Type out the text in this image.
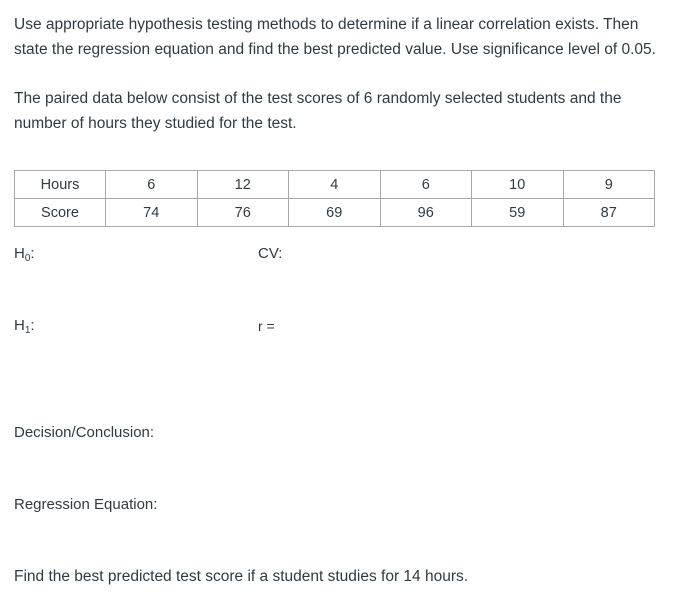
Use appropriate hypothesis testing methods to determine if a linear correlation exists. Then state the regression equation and find the best predicted value. Use significance level of 0.05.

The paired data below consist of the test scores of 6 randomly selected students and the number of hours they studied for the test.

Hours	6	12	4	6	10	9
Score	74	76	69	96	59	87
$H_0$:	CV:
$H_1$:	r =
Decision/Conclusion:
Regression Equation:
Find the best predicted test score if a student studies for 14 hours.
